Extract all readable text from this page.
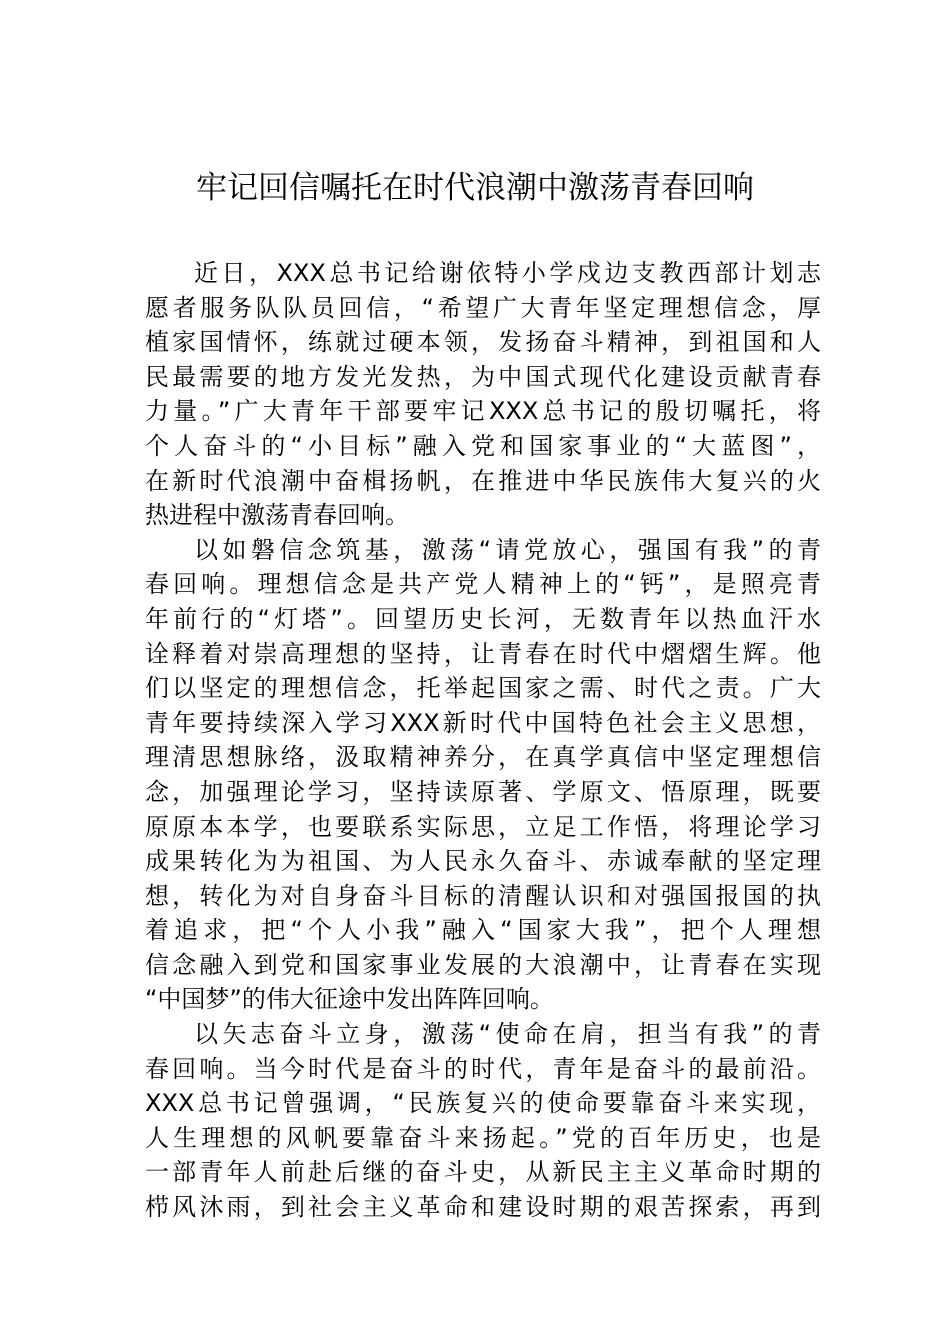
牢记回信嘱托在时代浪潮中激荡青春回响
近日，XXX总书记给谢依特小学戍边支教西部计划志
愿者服务队队员回信，“希望广大青年坚定理想信念，厚
植家国情怀，练就过硬本领，发扬奋斗精神，到祖国和人
民最需要的地方发光发热，为中国式现代化建设贡献青春
力量。”广大青年干部要牢记XXX总书记的殷切嘱托，将
个人奋斗的“小目标”融入党和国家事业的“大蓝图”，
在新时代浪潮中奋楫扬帆，在推进中华民族伟大复兴的火
热进程中激荡青春回响。
以如磐信念筑基，激荡“请党放心，强国有我”的青
春回响。理想信念是共产党人精神上的“钙”，是照亮青
年前行的“灯塔”。回望历史长河，无数青年以热血汗水
诠释着对崇高理想的坚持，让青春在时代中熠熠生辉。他
们以坚定的理想信念，托举起国家之需、时代之责。广大
青年要持续深入学习XXX新时代中国特色社会主义思想，
理清思想脉络，汲取精神养分，在真学真信中坚定理想信
念，加强理论学习，坚持读原著、学原文、悟原理，既要
原原本本学，也要联系实际思，立足工作悟，将理论学习
成果转化为为祖国、为人民永久奋斗、赤诚奉献的坚定理
想，转化为对自身奋斗目标的清醒认识和对强国报国的执
着追求，把“个人小我”融入“国家大我”，把个人理想
信念融入到党和国家事业发展的大浪潮中，让青春在实现
“中国梦”的伟大征途中发出阵阵回响。
以矢志奋斗立身，激荡“使命在肩，担当有我”的青
春回响。当今时代是奋斗的时代，青年是奋斗的最前沿。
XXX总书记曾强调，“民族复兴的使命要靠奋斗来实现，
人生理想的风帆要靠奋斗来扬起。”党的百年历史，也是
一部青年人前赴后继的奋斗史，从新民主主义革命时期的
栉风沐雨，到社会主义革命和建设时期的艰苦探索，再到
